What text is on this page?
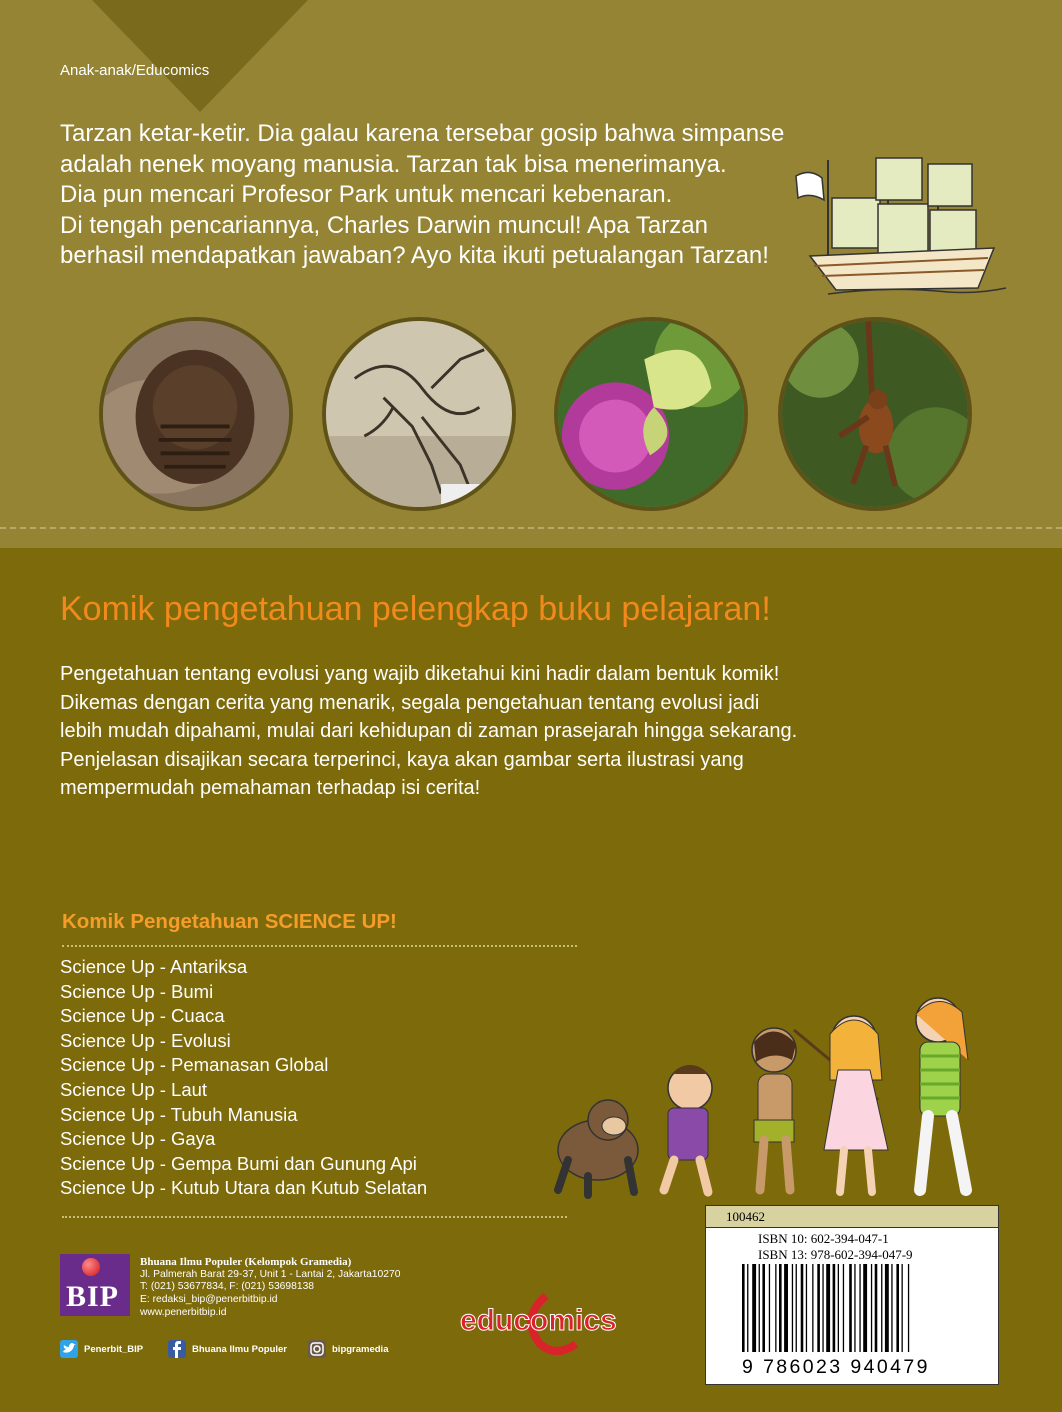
Anak-anak/Educomics
Tarzan ketar-ketir. Dia galau karena tersebar gosip bahwa simpanse
adalah nenek moyang manusia. Tarzan tak bisa menerimanya.
Dia pun mencari Profesor Park untuk mencari kebenaran.
Di tengah pencariannya, Charles Darwin muncul! Apa Tarzan
berhasil mendapatkan jawaban? Ayo kita ikuti petualangan Tarzan!
Komik pengetahuan pelengkap buku pelajaran!
Pengetahuan tentang evolusi yang wajib diketahui kini hadir dalam bentuk komik!
Dikemas dengan cerita yang menarik, segala pengetahuan tentang evolusi jadi
lebih mudah dipahami, mulai dari kehidupan di zaman prasejarah hingga sekarang.
Penjelasan disajikan secara terperinci, kaya akan gambar serta ilustrasi yang
mempermudah pemahaman terhadap isi cerita!
Komik Pengetahuan SCIENCE UP!
Science Up - Antariksa
Science Up - Bumi
Science Up - Cuaca
Science Up - Evolusi
Science Up - Pemanasan Global
Science Up - Laut
Science Up - Tubuh Manusia
Science Up - Gaya
Science Up - Gempa Bumi dan Gunung Api
Science Up - Kutub Utara dan Kutub Selatan
BIP
Bhuana Ilmu Populer (Kelompok Gramedia)
Jl. Palmerah Barat 29-37, Unit 1 - Lantai 2, Jakarta10270
T: (021) 53677834, F: (021) 53698138
E: redaksi_bip@penerbitbip.id
www.penerbitbip.id
Penerbit_BIP	Bhuana Ilmu Populer	bipgramedia
educomics
100462
ISBN 10: 602-394-047-1
ISBN 13: 978-602-394-047-9
9 786023 940479
